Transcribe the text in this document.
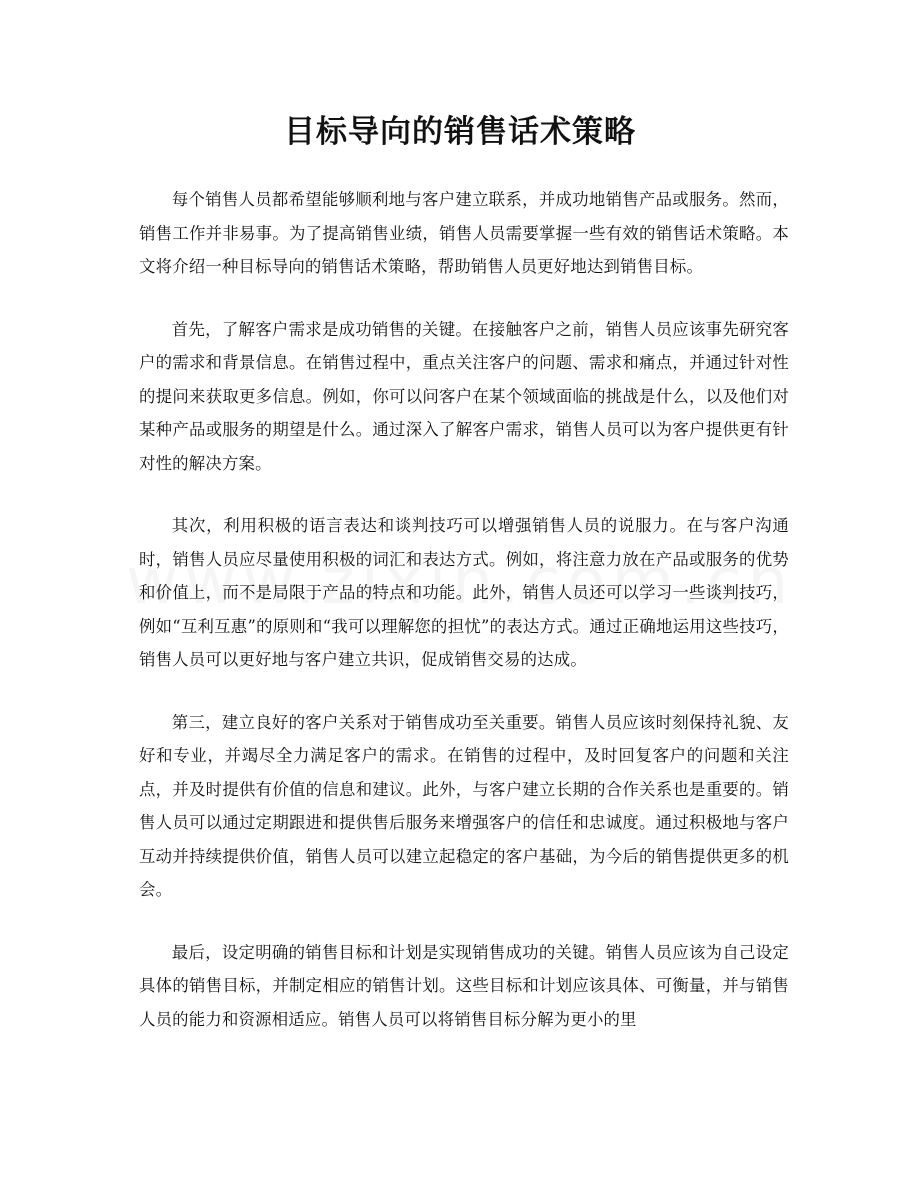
目标导向的销售话术策略

每个销售人员都希望能够顺利地与客户建立联系，并成功地销售产品或服务。然而，销售工作并非易事。为了提高销售业绩，销售人员需要掌握一些有效的销售话术策略。本文将介绍一种目标导向的销售话术策略，帮助销售人员更好地达到销售目标。

首先，了解客户需求是成功销售的关键。在接触客户之前，销售人员应该事先研究客户的需求和背景信息。在销售过程中，重点关注客户的问题、需求和痛点，并通过针对性的提问来获取更多信息。例如，你可以问客户在某个领域面临的挑战是什么，以及他们对某种产品或服务的期望是什么。通过深入了解客户需求，销售人员可以为客户提供更有针对性的解决方案。

其次，利用积极的语言表达和谈判技巧可以增强销售人员的说服力。在与客户沟通时，销售人员应尽量使用积极的词汇和表达方式。例如，将注意力放在产品或服务的优势和价值上，而不是局限于产品的特点和功能。此外，销售人员还可以学习一些谈判技巧，例如“互利互惠”的原则和“我可以理解您的担忧”的表达方式。通过正确地运用这些技巧，销售人员可以更好地与客户建立共识，促成销售交易的达成。

第三，建立良好的客户关系对于销售成功至关重要。销售人员应该时刻保持礼貌、友好和专业，并竭尽全力满足客户的需求。在销售的过程中，及时回复客户的问题和关注点，并及时提供有价值的信息和建议。此外，与客户建立长期的合作关系也是重要的。销售人员可以通过定期跟进和提供售后服务来增强客户的信任和忠诚度。通过积极地与客户互动并持续提供价值，销售人员可以建立起稳定的客户基础，为今后的销售提供更多的机会。

最后，设定明确的销售目标和计划是实现销售成功的关键。销售人员应该为自己设定具体的销售目标，并制定相应的销售计划。这些目标和计划应该具体、可衡量，并与销售人员的能力和资源相适应。销售人员可以将销售目标分解为更小的里
